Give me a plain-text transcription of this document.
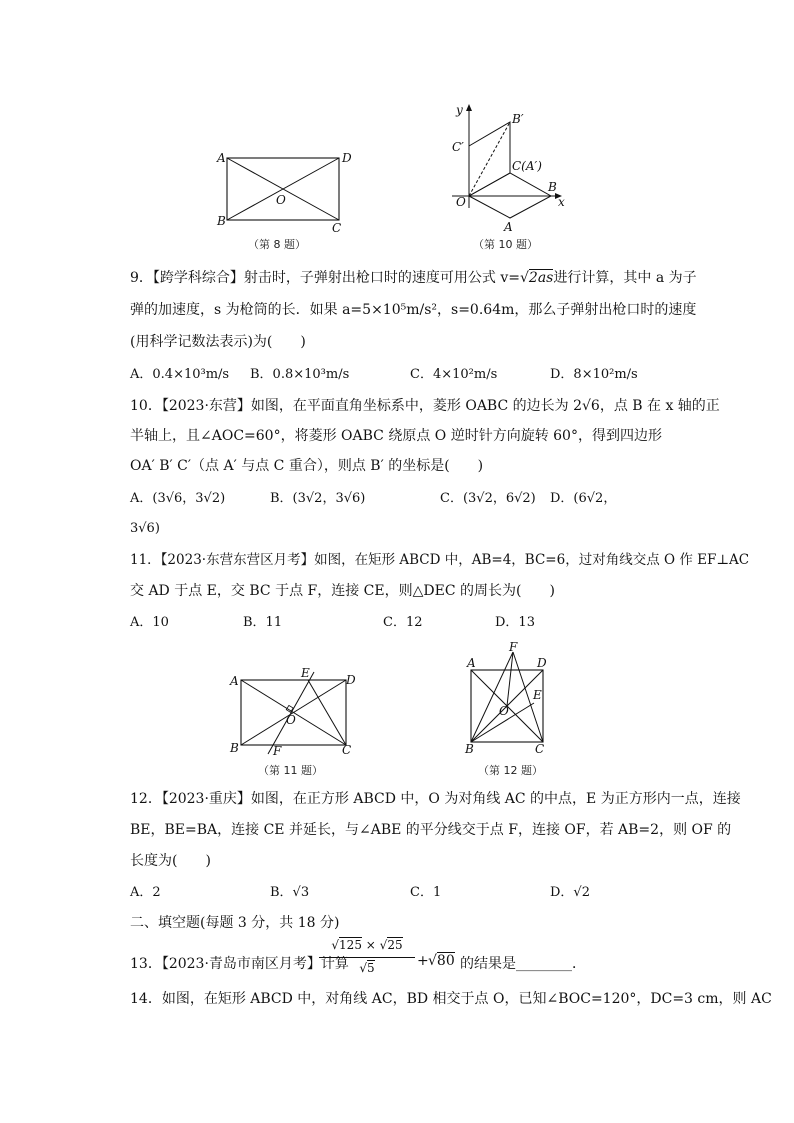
A	D
B	C
O
（第 8 题）
y
x
O
A
B
B′
C′
C(A′)
（第 10 题）
9．【跨学科综合】射击时，子弹射出枪口时的速度可用公式 v=√2as进行计算，其中 a 为子
弹的加速度，s 为枪筒的长．如果 a=5×10⁵m/s²，s=0.64m，那么子弹射出枪口时的速度
(用科学记数法表示)为(　　)
A．0.4×10³m/s B．0.8×10³m/s	C．4×10²m/s	D．8×10²m/s
10．【2023·东营】如图，在平面直角坐标系中，菱形 OABC 的边长为 2√6，点 B 在 x 轴的正
半轴上，且∠AOC=60°，将菱形 OABC 绕原点 O 逆时针方向旋转 60°，得到四边形
OA′ B′ C′（点 A′ 与点 C 重合），则点 B′ 的坐标是(　　)
A．(3√6，3√2)	B．(3√2，3√6)	C．(3√2，6√2) D．(6√2，
3√6)
11．【2023·东营东营区月考】如图，在矩形 ABCD 中，AB=4，BC=6，过对角线交点 O 作 EF⊥AC
交 AD 于点 E，交 BC 于点 F，连接 CE，则△DEC 的周长为(　　)
A．10	B．11	C．12	D．13
A	D
B	C
E
F
O
（第 11 题）
A	D
B	C
F
E
O
（第 12 题）
12．【2023·重庆】如图，在正方形 ABCD 中，O 为对角线 AC 的中点，E 为正方形内一点，连接
BE，BE=BA，连接 CE 并延长，与∠ABE 的平分线交于点 F，连接 OF，若 AB=2，则 OF 的
长度为(　　)
A．2	B．√3	C．1	D．√2
二、填空题(每题 3 分，共 18 分)
13．【2023·青岛市南区月考】计算
√125 × √25
√5	+ √80 的结果是________．
14．如图，在矩形 ABCD 中，对角线 AC，BD 相交于点 O，已知∠BOC=120°，DC=3 cm，则 AC
